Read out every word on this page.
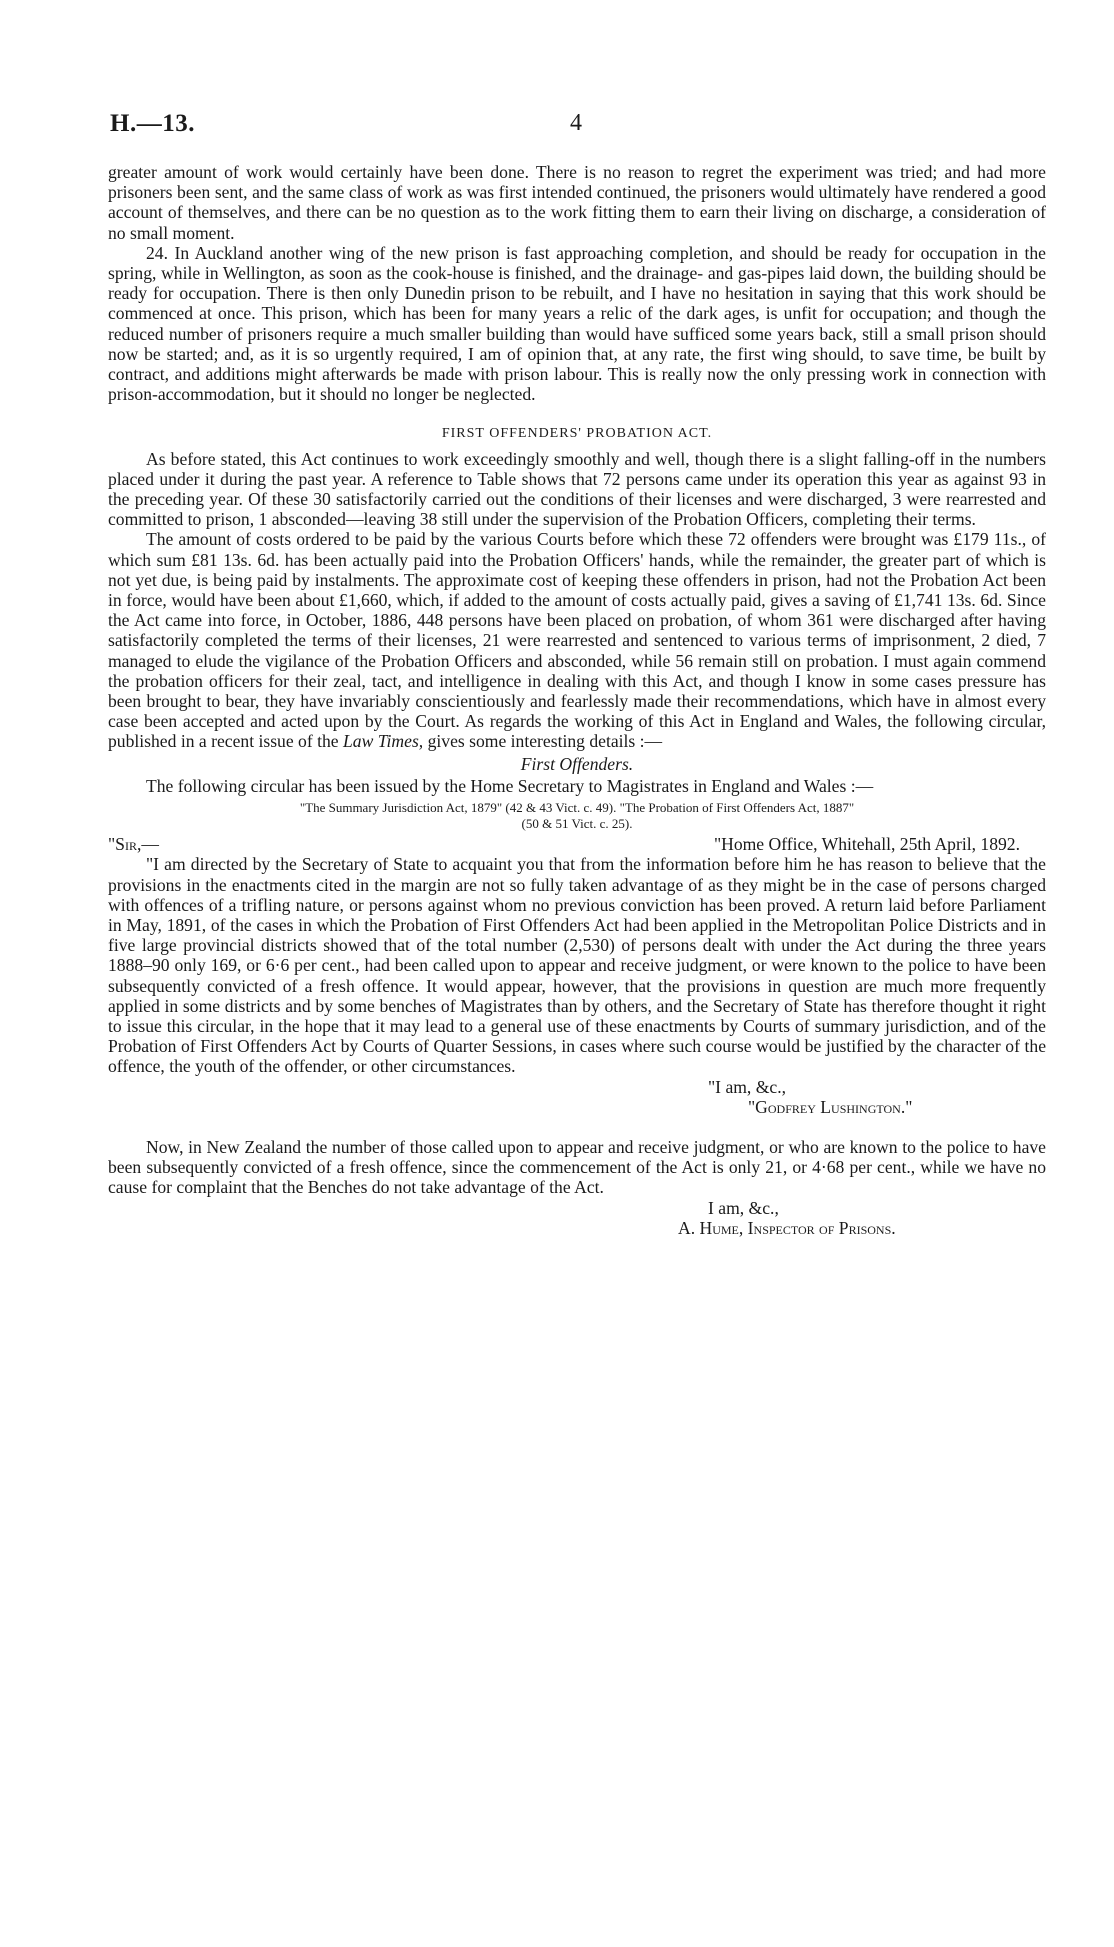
H.—13.	4

greater amount of work would certainly have been done. There is no reason to regret the experiment was tried; and had more prisoners been sent, and the same class of work as was first intended continued, the prisoners would ultimately have rendered a good account of themselves, and there can be no question as to the work fitting them to earn their living on discharge, a consideration of no small moment.

24. In Auckland another wing of the new prison is fast approaching completion, and should be ready for occupation in the spring, while in Wellington, as soon as the cook-house is finished, and the drainage- and gas-pipes laid down, the building should be ready for occupation. There is then only Dunedin prison to be rebuilt, and I have no hesitation in saying that this work should be commenced at once. This prison, which has been for many years a relic of the dark ages, is unfit for occupation; and though the reduced number of prisoners require a much smaller building than would have sufficed some years back, still a small prison should now be started; and, as it is so urgently required, I am of opinion that, at any rate, the first wing should, to save time, be built by contract, and additions might afterwards be made with prison labour. This is really now the only pressing work in connection with prison-accommodation, but it should no longer be neglected.

FIRST OFFENDERS' PROBATION ACT.

As before stated, this Act continues to work exceedingly smoothly and well, though there is a slight falling-off in the numbers placed under it during the past year. A reference to Table shows that 72 persons came under its operation this year as against 93 in the preceding year. Of these 30 satisfactorily carried out the conditions of their licenses and were discharged, 3 were rearrested and committed to prison, 1 absconded—leaving 38 still under the supervision of the Probation Officers, completing their terms.

The amount of costs ordered to be paid by the various Courts before which these 72 offenders were brought was £179 11s., of which sum £81 13s. 6d. has been actually paid into the Probation Officers' hands, while the remainder, the greater part of which is not yet due, is being paid by instalments. The approximate cost of keeping these offenders in prison, had not the Probation Act been in force, would have been about £1,660, which, if added to the amount of costs actually paid, gives a saving of £1,741 13s. 6d. Since the Act came into force, in October, 1886, 448 persons have been placed on probation, of whom 361 were discharged after having satisfactorily completed the terms of their licenses, 21 were rearrested and sentenced to various terms of imprisonment, 2 died, 7 managed to elude the vigilance of the Probation Officers and absconded, while 56 remain still on probation. I must again commend the probation officers for their zeal, tact, and intelligence in dealing with this Act, and though I know in some cases pressure has been brought to bear, they have invariably conscientiously and fearlessly made their recommendations, which have in almost every case been accepted and acted upon by the Court. As regards the working of this Act in England and Wales, the following circular, published in a recent issue of the Law Times, gives some interesting details :—

First Offenders.

The following circular has been issued by the Home Secretary to Magistrates in England and Wales :—

"The Summary Jurisdiction Act, 1879" (42 & 43 Vict. c. 49). "The Probation of First Offenders Act, 1887"
(50 & 51 Vict. c. 25).

"Sir,—	"Home Office, Whitehall, 25th April, 1892.

"I am directed by the Secretary of State to acquaint you that from the information before him he has reason to believe that the provisions in the enactments cited in the margin are not so fully taken advantage of as they might be in the case of persons charged with offences of a trifling nature, or persons against whom no previous conviction has been proved. A return laid before Parliament in May, 1891, of the cases in which the Probation of First Offenders Act had been applied in the Metropolitan Police Districts and in five large provincial districts showed that of the total number (2,530) of persons dealt with under the Act during the three years 1888–90 only 169, or 6·6 per cent., had been called upon to appear and receive judgment, or were known to the police to have been subsequently convicted of a fresh offence. It would appear, however, that the provisions in question are much more frequently applied in some districts and by some benches of Magistrates than by others, and the Secretary of State has therefore thought it right to issue this circular, in the hope that it may lead to a general use of these enactments by Courts of summary jurisdiction, and of the Probation of First Offenders Act by Courts of Quarter Sessions, in cases where such course would be justified by the character of the offence, the youth of the offender, or other circumstances.

"I am, &c.,

"Godfrey Lushington."

Now, in New Zealand the number of those called upon to appear and receive judgment, or who are known to the police to have been subsequently convicted of a fresh offence, since the commencement of the Act is only 21, or 4·68 per cent., while we have no cause for complaint that the Benches do not take advantage of the Act.

I am, &c.,

A. Hume, Inspector of Prisons.
